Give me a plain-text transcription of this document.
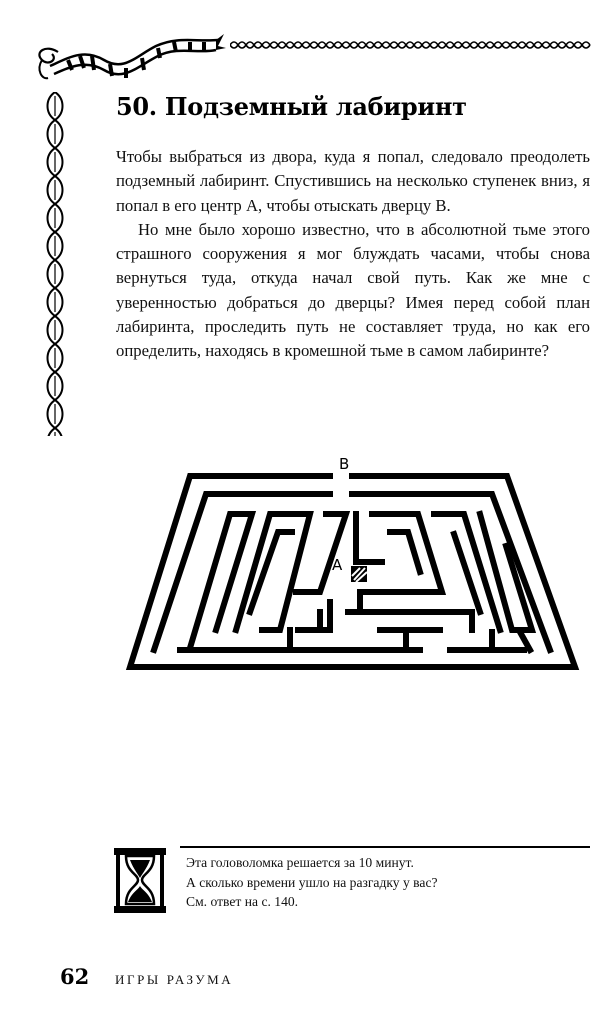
50. Подземный лабиринт

Чтобы выбраться из двора, куда я попал, следовало преодолеть подземный лабиринт. Спустившись на несколько ступенек вниз, я попал в его центр А, чтобы отыскать дверцу В.

Но мне было хорошо известно, что в абсолютной тьме этого страшного сооружения я мог блуждать часами, чтобы снова вернуться туда, откуда начал свой путь. Как же мне с уверенностью добраться до дверцы? Имея перед собой план лабиринта, проследить путь не составляет труда, но как его определить, находясь в кромешной тьме в самом лабиринте?

В
А
Эта головоломка решается за 10 минут.
А сколько времени ушло на разгадку у вас?
См. ответ на с. 140.
62 ИГРЫ РАЗУМА
